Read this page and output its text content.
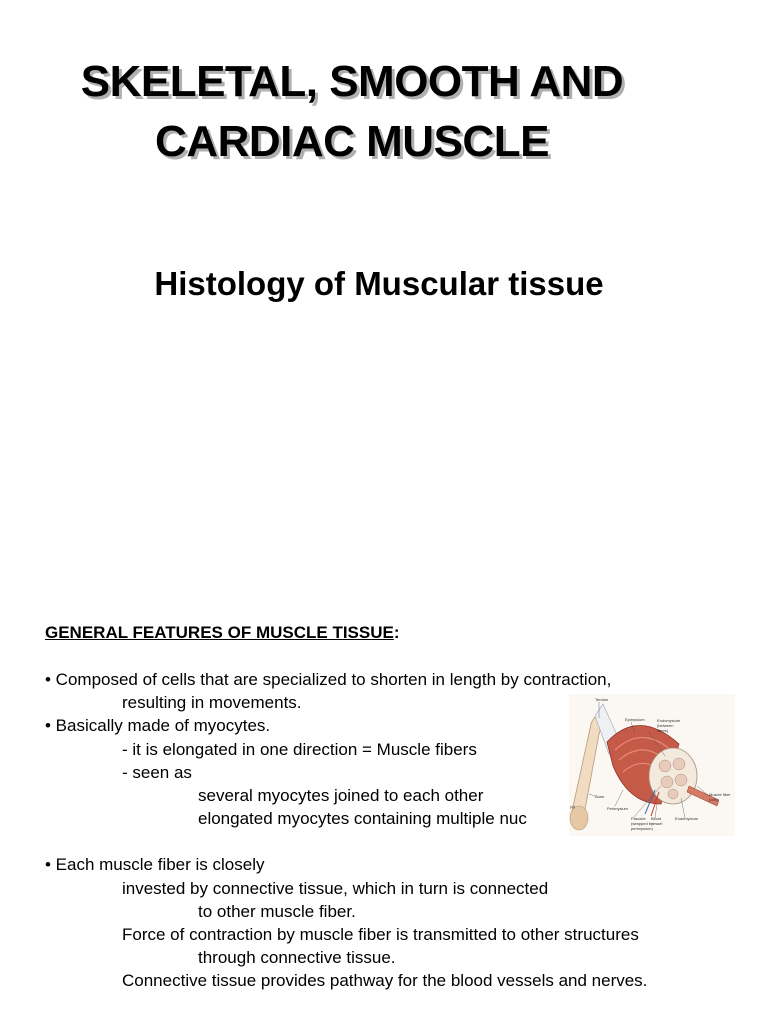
SKELETAL, SMOOTH AND
CARDIAC MUSCLE
Histology of Muscular tissue
GENERAL FEATURES OF MUSCLE TISSUE:
• Composed of cells that are specialized to shorten in length by contraction,
resulting in movements.
• Basically made of myocytes.
- it is elongated in one direction = Muscle fibers
- seen as
several myocytes joined to each other
elongated myocytes containing multiple nuc
• Each muscle fiber is closely
invested by connective tissue, which in turn is connected
to other muscle fiber.
Force of contraction by muscle fiber is transmitted to other structures
through connective tissue.
Connective tissue provides pathway for the blood vessels and nerves.
Tendon
Epimysium	Endomysium
(between
fibers)
Bone
Perimysium
Fascicle
(wrapped by
perimysium)
Blood
vessel
Endomysium
Muscle fiber
(cell)
(a)
